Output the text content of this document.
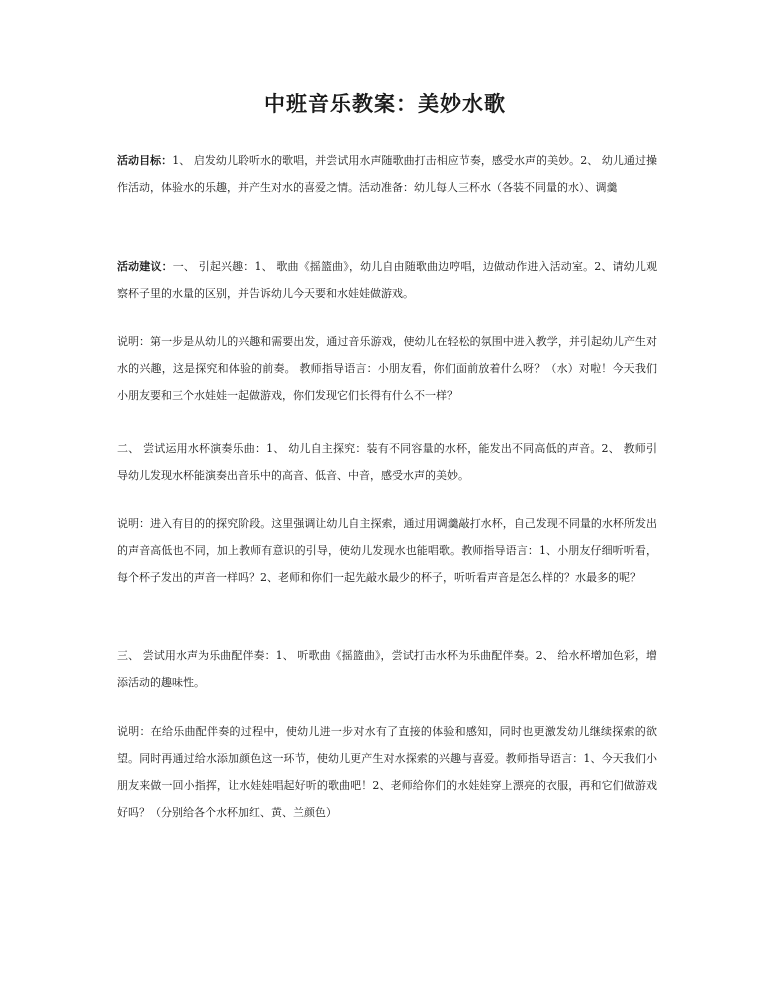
中班音乐教案：美妙水歌

活动目标：1、 启发幼儿聆听水的歌唱，并尝试用水声随歌曲打击相应节奏，感受水声的美妙。2、 幼儿通过操作活动，体验水的乐趣，并产生对水的喜爱之情。活动准备：幼儿每人三杯水（各装不同量的水）、调羹

活动建议：一、 引起兴趣：1、 歌曲《摇篮曲》，幼儿自由随歌曲边哼唱，边做动作进入活动室。2、请幼儿观察杯子里的水量的区别，并告诉幼儿今天要和水娃娃做游戏。

说明：第一步是从幼儿的兴趣和需要出发，通过音乐游戏，使幼儿在轻松的氛围中进入教学，并引起幼儿产生对水的兴趣，这是探究和体验的前奏。 教师指导语言：小朋友看，你们面前放着什么呀？（水）对啦！今天我们小朋友要和三个水娃娃一起做游戏，你们发现它们长得有什么不一样？

二、 尝试运用水杯演奏乐曲：1、 幼儿自主探究：装有不同容量的水杯，能发出不同高低的声音。2、 教师引导幼儿发现水杯能演奏出音乐中的高音、低音、中音，感受水声的美妙。

说明：进入有目的的探究阶段。这里强调让幼儿自主探索，通过用调羹敲打水杯，自己发现不同量的水杯所发出的声音高低也不同，加上教师有意识的引导，使幼儿发现水也能唱歌。教师指导语言：1、小朋友仔细听听看，每个杯子发出的声音一样吗？2、老师和你们一起先敲水最少的杯子，听听看声音是怎么样的？水最多的呢？

三、 尝试用水声为乐曲配伴奏：1、 听歌曲《摇篮曲》，尝试打击水杯为乐曲配伴奏。2、 给水杯增加色彩，增添活动的趣味性。

说明：在给乐曲配伴奏的过程中，使幼儿进一步对水有了直接的体验和感知，同时也更激发幼儿继续探索的欲望。同时再通过给水添加颜色这一环节，使幼儿更产生对水探索的兴趣与喜爱。教师指导语言：1、今天我们小朋友来做一回小指挥，让水娃娃唱起好听的歌曲吧！2、老师给你们的水娃娃穿上漂亮的衣服，再和它们做游戏好吗？（分别给各个水杯加红、黄、兰颜色）
